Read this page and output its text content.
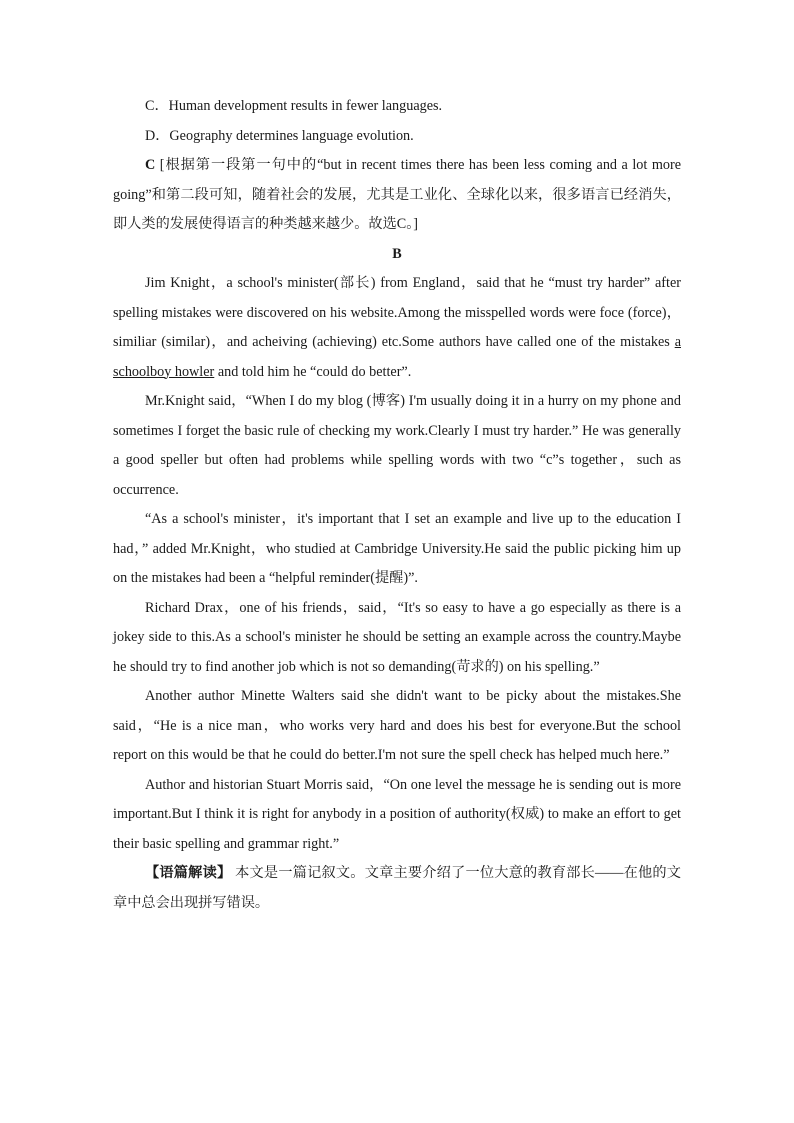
C．Human development results in fewer languages.

D．Geography determines language evolution.

C [根据第一段第一句中的“but in recent times there has been less coming and a lot more going”和第二段可知，随着社会的发展，尤其是工业化、全球化以来，很多语言已经消失，即人类的发展使得语言的种类越来越少。故选C。]

B

Jim Knight，a school's minister(部长) from England，said that he “must try harder” after spelling mistakes were discovered on his website.Among the misspelled words were foce (force)，similiar (similar)，and acheiving (achieving) etc.Some authors have called one of the mistakes a schoolboy howler and told him he “could do better”.

Mr.Knight said，“When I do my blog (博客) I'm usually doing it in a hurry on my phone and sometimes I forget the basic rule of checking my work.Clearly I must try harder.” He was generally a good speller but often had problems while spelling words with two “c”s together，such as occurrence.

“As a school's minister，it's important that I set an example and live up to the education I had，” added Mr.Knight，who studied at Cambridge University.He said the public picking him up on the mistakes had been a “helpful reminder(提醒)”.

Richard Drax，one of his friends，said，“It's so easy to have a go especially as there is a jokey side to this.As a school's minister he should be setting an example across the country.Maybe he should try to find another job which is not so demanding(苛求的) on his spelling.”

Another author Minette Walters said she didn't want to be picky about the mistakes.She said，“He is a nice man，who works very hard and does his best for everyone.But the school report on this would be that he could do better.I'm not sure the spell check has helped much here.”

Author and historian Stuart Morris said，“On one level the message he is sending out is more important.But I think it is right for anybody in a position of authority(权威) to make an effort to get their basic spelling and grammar right.”

【语篇解读】 本文是一篇记叙文。文章主要介绍了一位大意的教育部长——在他的文章中总会出现拼写错误。
